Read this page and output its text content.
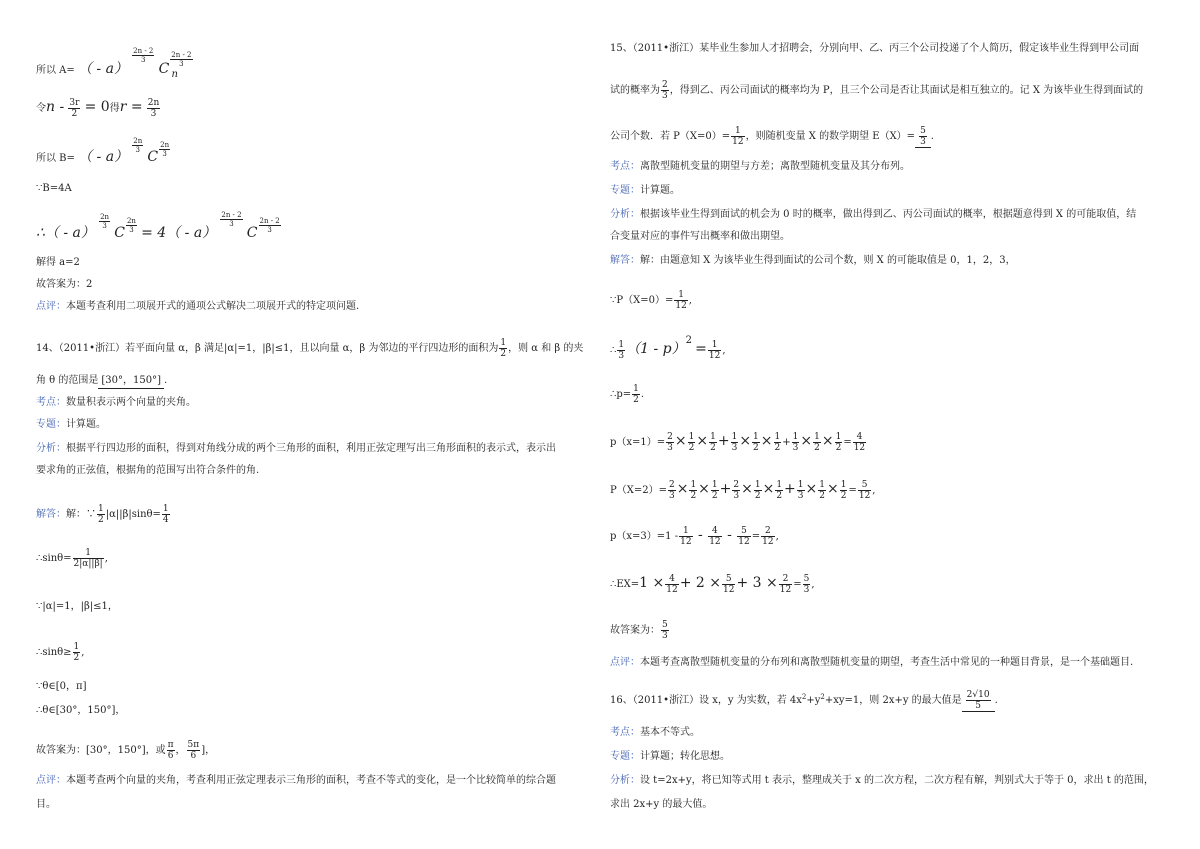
所以 A= （ - a）
$^{\frac{2n - 2}{3}}$
C
$^{\frac{2n - 2}{3}}$
n
令$n - \frac{3r}{2} = 0$得$r = \frac{2n}{3}$
所以 B= （ - a）
$^{\frac{2n}{3}}$
C $^{\frac{2n}{3}}$
∵B=4A
∴（ - a）
$^{\frac{2n}{3}}$
C $^{\frac{2n}{3}}$ = 4（ - a）
$^{\frac{2n - 2}{3}}$
C $^{\frac{2n - 2}{3}}$
解得 a=2
故答案为：2
点评：本题考查利用二项展开式的通项公式解决二项展开式的特定项问题.
14、（2011•浙江）若平面向量 α，β 满足|α|=1，|β|≤1，且以向量 α，β 为邻边的平行四边形的面积为 $\frac{1}{2}$ ，则 α 和 β 的夹
角 θ 的范围是 [30°，150°] .
考点：数量积表示两个向量的夹角。
专题：计算题。
分析：根据平行四边形的面积，得到对角线分成的两个三角形的面积，利用正弦定理写出三角形面积的表示式，表示出
要求角的正弦值，根据角的范围写出符合条件的角.
解答：解：∵ $\frac{1}{2} |\alpha||\beta|\sin\theta= \frac{1}{4}$
∴sinθ= $\frac{1}{2|\alpha||\beta|}$ ,
∵|α|=1，|β|≤1，
∴sinθ≥ $\frac{1}{2}$ ,
∵θ∈[0，π]
∴θ∈[30°，150°]，
故答案为：[30°，150°]，或 $\frac{\pi}{6}$ ， $\frac{5\pi}{6}$ ]，
点评：本题考查两个向量的夹角，考查利用正弦定理表示三角形的面积，考查不等式的变化，是一个比较简单的综合题
目。
15、（2011•浙江）某毕业生参加人才招聘会，分别向甲、乙、丙三个公司投递了个人简历，假定该毕业生得到甲公司面
试的概率为 $\frac{2}{3}$ ，得到乙、丙公司面试的概率均为 P，且三个公司是否让其面试是相互独立的。记 X 为该毕业生得到面试的
公司个数．若 $P(X=0)= \frac{1}{12}$ ，则随机变量 X 的数学期望 $E(X)= \frac{5}{3}$ .
考点：离散型随机变量的期望与方差；离散型随机变量及其分布列。
专题：计算题。
分析：根据该毕业生得到面试的机会为 0 时的概率，做出得到乙、丙公司面试的概率，根据题意得到 X 的可能取值，结
合变量对应的事件写出概率和做出期望。
解答：解：由题意知 X 为该毕业生得到面试的公司个数，则 X 的可能取值是 0，1，2，3，
∵P（X=0）= $\frac{1}{12}$ ,
∴ $\frac{1}{3} (1 - p)2 = \frac{1}{12}$ ,
∴p= $\frac{1}{2}$ .
$p(x=1)= \frac{2}{3} \times \frac{1}{2} \times \frac{1}{2} + \frac{1}{3} \times \frac{1}{2} \times \frac{1}{2} + \frac{1}{3} \times \frac{1}{2} \times \frac{1}{2} = \frac{4}{12}$
$P(X=2)= \frac{2}{3} \times \frac{1}{2} \times \frac{1}{2} + \frac{2}{3} \times \frac{1}{2} \times \frac{1}{2} + \frac{1}{3} \times \frac{1}{2} \times \frac{1}{2} = \frac{5}{12}$ ,
$p(x=3)=1 - \frac{1}{12} - \frac{4}{12} - \frac{5}{12} = \frac{2}{12}$ ,
∴EX=1 × $\frac{4}{12} + 2 \times \frac{5}{12} + 3 \times \frac{2}{12} = \frac{5}{3}$ ,
故答案为： $\frac{5}{3}$
点评：本题考查离散型随机变量的分布列和离散型随机变量的期望，考查生活中常见的一种题目背景，是一个基础题目.
16、（2011•浙江）设 x，y 为实数，若 $4x^2+y^2+xy=1$，则 2x+y 的最大值是 $\frac{2√10}{5}$ .
考点：基本不等式。
专题：计算题；转化思想。
分析：设 t=2x+y，将已知等式用 t 表示，整理成关于 x 的二次方程，二次方程有解，判别式大于等于 0，求出 t 的范围，
求出 2x+y 的最大值。
